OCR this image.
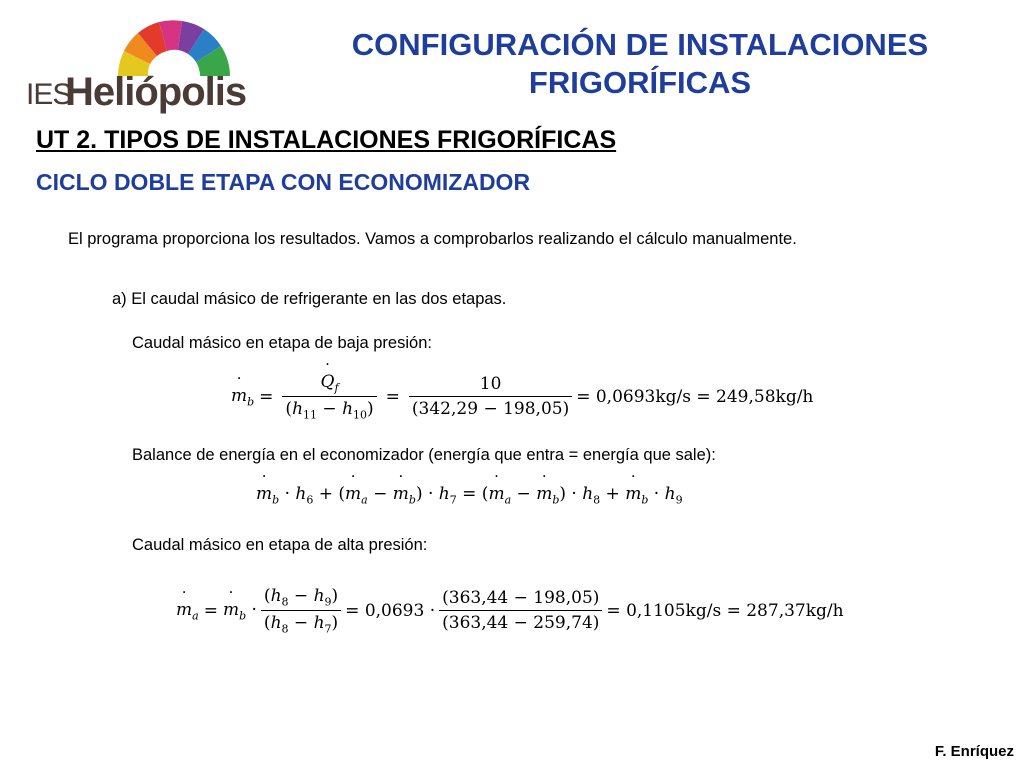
IES
Heliópolis
CONFIGURACIÓN DE INSTALACIONES FRIGORÍFICAS
UT 2. TIPOS DE INSTALACIONES FRIGORÍFICAS
CICLO DOBLE ETAPA CON ECONOMIZADOR
El programa proporciona los resultados. Vamos a comprobarlos realizando el cálculo manualmente.
a) El caudal másico de refrigerante en las dos etapas.
Caudal másico en etapa de baja presión:
m $˙_b = \frac{Q ˙_f}{(h_{11} - h_{10})} = \frac{10}{(342,29 - 198,05)} = 0,0693kg/s = 249,58kg/h$
Balance de energía en el economizador (energía que entra = energía que sale):
m $˙_b \cdot h_6 + (m$ $˙_a - m$ $˙_b) \cdot h_7 = (m$ $˙_a - m$ $˙_b) \cdot h_8 + m$ $˙_b \cdot h_9$
Caudal másico en etapa de alta presión:
m $˙_a = m$ $˙_b \cdot \frac{(h_8 - h_9)}{(h_8 - h_7)} = 0,0693 \cdot \frac{(363,44 - 198,05)}{(363,44 - 259,74)} = 0,1105kg/s = 287,37kg/h$
F. Enríquez
